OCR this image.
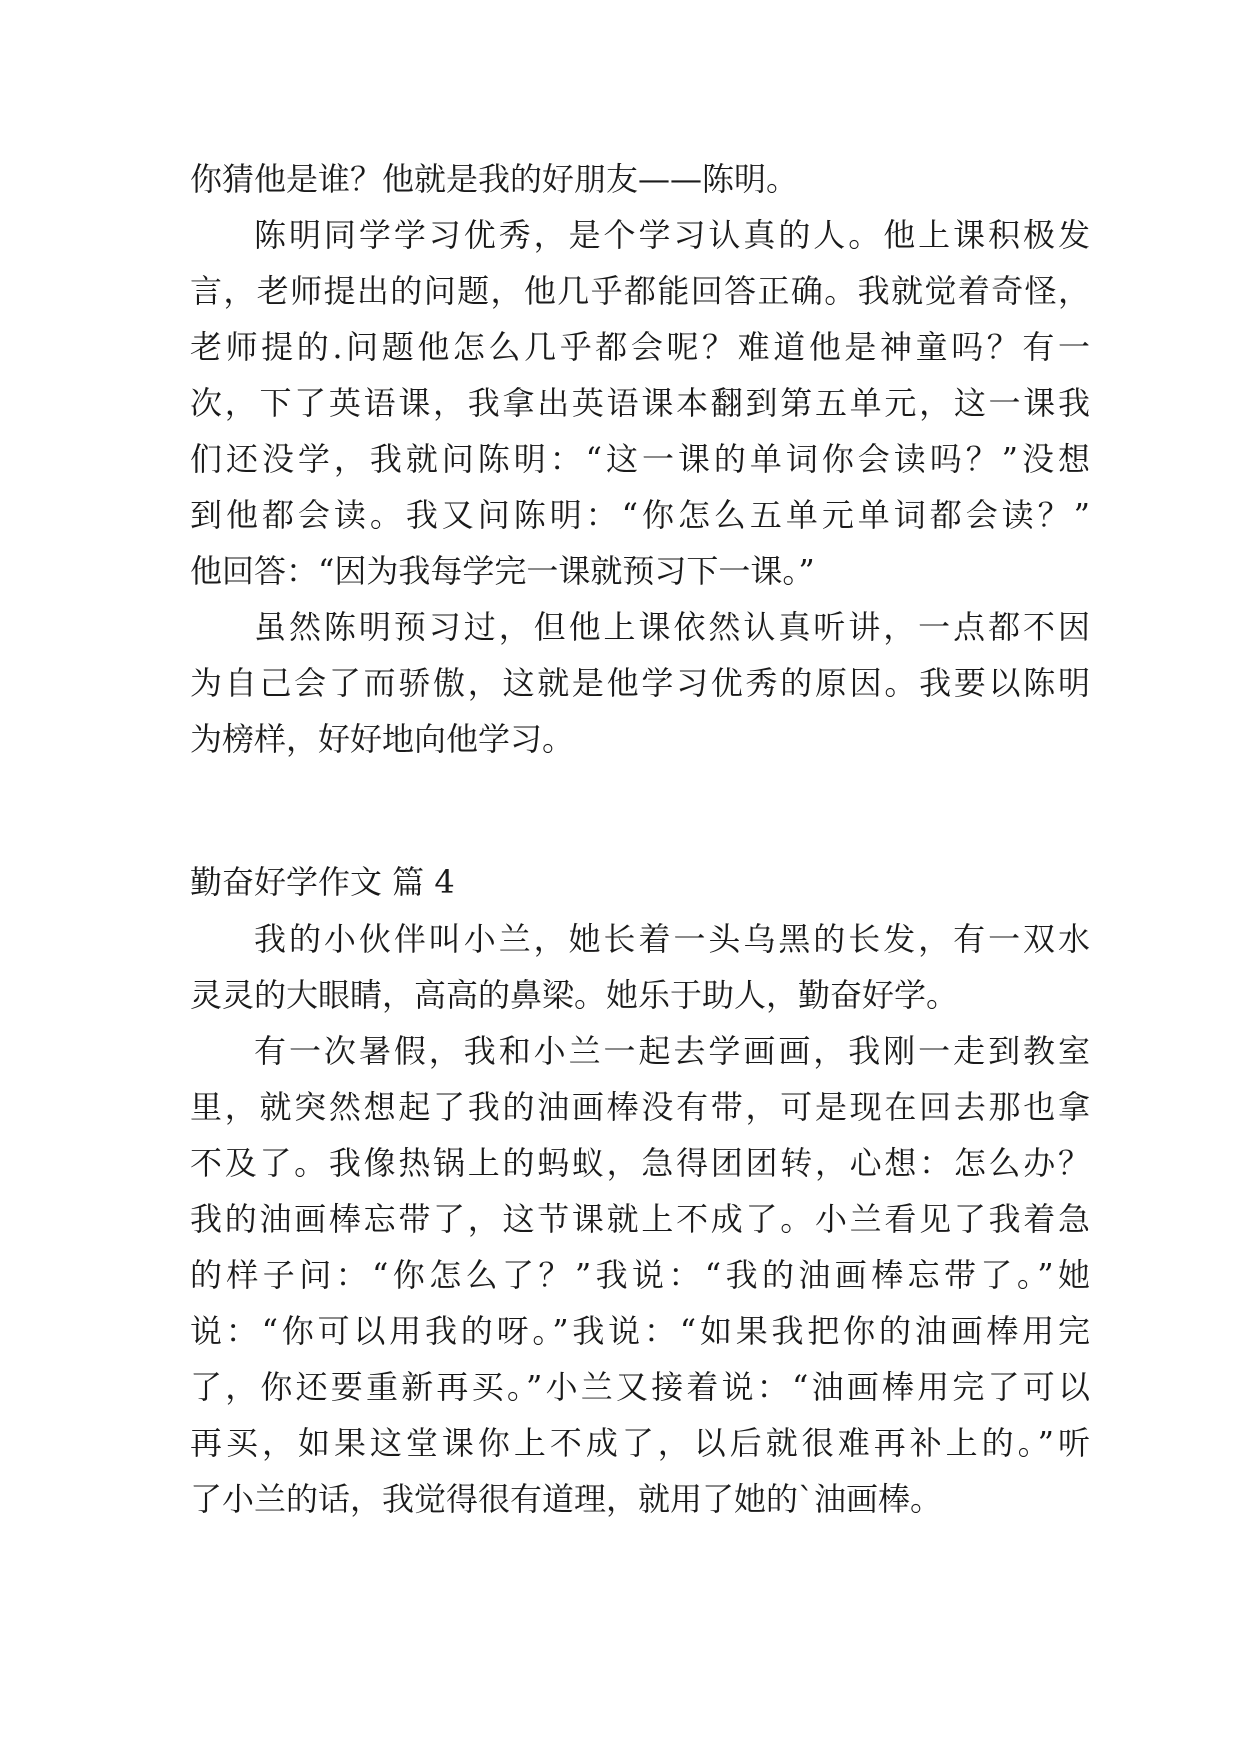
你猜他是谁？他就是我的好朋友——陈明。

陈明同学学习优秀，是个学习认真的人。他上课积极发

言，老师提出的问题，他几乎都能回答正确。我就觉着奇怪，

老师提的.问题他怎么几乎都会呢？难道他是神童吗？有一

次，下了英语课，我拿出英语课本翻到第五单元，这一课我

们还没学，我就问陈明：“这一课的单词你会读吗？”没想

到他都会读。我又问陈明：“你怎么五单元单词都会读？”

他回答：“因为我每学完一课就预习下一课。”

虽然陈明预习过，但他上课依然认真听讲，一点都不因

为自己会了而骄傲，这就是他学习优秀的原因。我要以陈明

为榜样，好好地向他学习。

勤奋好学作文 篇 4

我的小伙伴叫小兰，她长着一头乌黑的长发，有一双水

灵灵的大眼睛，高高的鼻梁。她乐于助人，勤奋好学。

有一次暑假，我和小兰一起去学画画，我刚一走到教室

里，就突然想起了我的油画棒没有带，可是现在回去那也拿

不及了。我像热锅上的蚂蚁，急得团团转，心想：怎么办？

我的油画棒忘带了，这节课就上不成了。小兰看见了我着急

的样子问：“你怎么了？”我说：“我的油画棒忘带了。”她

说：“你可以用我的呀。”我说：“如果我把你的油画棒用完

了，你还要重新再买。”小兰又接着说：“油画棒用完了可以

再买，如果这堂课你上不成了，以后就很难再补上的。”听

了小兰的话，我觉得很有道理，就用了她的`油画棒。
